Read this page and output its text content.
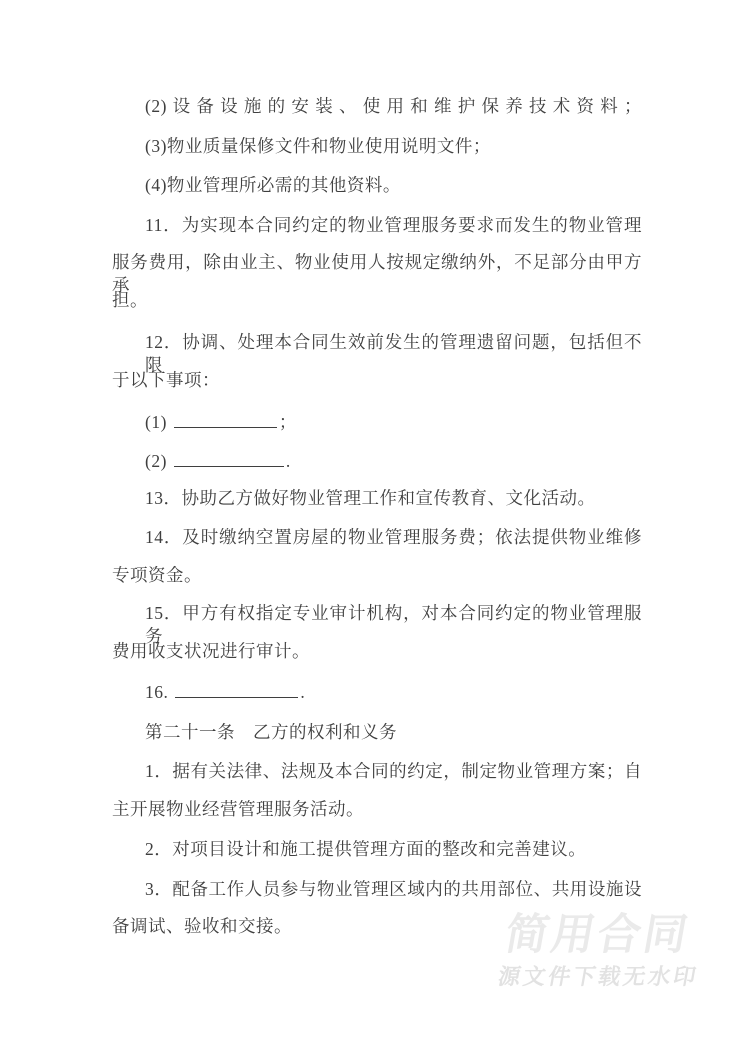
(2)设备设施的安装、使用和维护保养技术资料；
(3)物业质量保修文件和物业使用说明文件；
(4)物业管理所必需的其他资料。
11．为实现本合同约定的物业管理服务要求而发生的物业管理
服务费用，除由业主、物业使用人按规定缴纳外，不足部分由甲方承
担。
12．协调、处理本合同生效前发生的管理遗留问题，包括但不限
于以下事项：
(1)	；
(2)	.
13．协助乙方做好物业管理工作和宣传教育、文化活动。
14．及时缴纳空置房屋的物业管理服务费；依法提供物业维修
专项资金。
15．甲方有权指定专业审计机构，对本合同约定的物业管理服务
费用收支状况进行审计。
16.	.
第二十一条　乙方的权利和义务
1．据有关法律、法规及本合同的约定，制定物业管理方案；自
主开展物业经营管理服务活动。
2．对项目设计和施工提供管理方面的整改和完善建议。
3．配备工作人员参与物业管理区域内的共用部位、共用设施设
备调试、验收和交接。	简用合同
源文件下载无水印
